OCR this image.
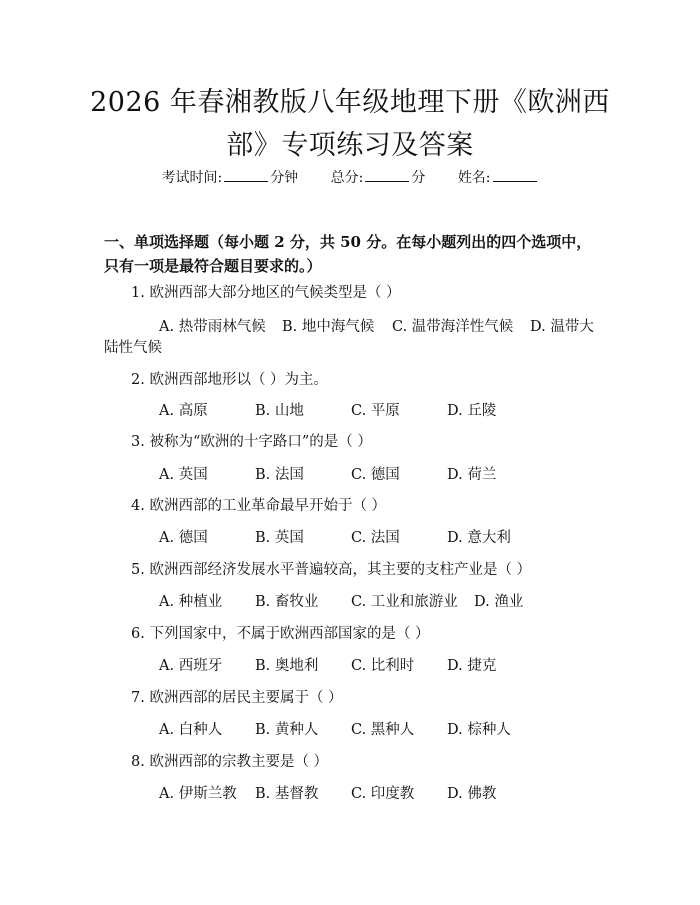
2026 年春湘教版八年级地理下册《欧洲西
部》专项练习及答案
考试时间:	分钟 总分:	分 姓名:
一、单项选择题（每小题 2 分，共 50 分。在每小题列出的四个选项中，只有一项是最符合题目要求的。）
1. 欧洲西部大部分地区的气候类型是（ ）
A. 热带雨林气候 B. 地中海气候 C. 温带海洋性气候 D. 温带大
陆性气候
2. 欧洲西部地形以（ ）为主。
A. 高原	B. 山地	C. 平原	D. 丘陵
3. 被称为“欧洲的十字路口”的是（ ）
A. 英国	B. 法国	C. 德国	D. 荷兰
4. 欧洲西部的工业革命最早开始于（ ）
A. 德国	B. 英国	C. 法国	D. 意大利
5. 欧洲西部经济发展水平普遍较高，其主要的支柱产业是（ ）
A. 种植业 B. 畜牧业 C. 工业和旅游业 D. 渔业
6. 下列国家中，不属于欧洲西部国家的是（ ）
A. 西班牙 B. 奥地利 C. 比利时 D. 捷克
7. 欧洲西部的居民主要属于（ ）
A. 白种人 B. 黄种人 C. 黑种人 D. 棕种人
8. 欧洲西部的宗教主要是（ ）
A. 伊斯兰教 B. 基督教 C. 印度教 D. 佛教
